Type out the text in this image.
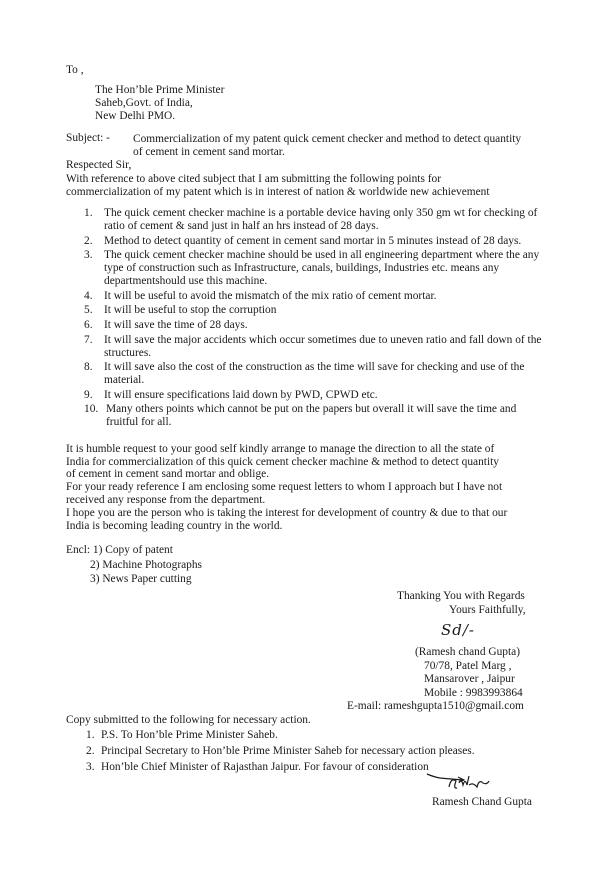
To ,
The Hon’ble Prime Minister
Saheb,Govt. of India,
New Delhi PMO.
Subject: - Commercialization of my patent quick cement checker and method to detect quantity
of cement in cement sand mortar.
Respected Sir,
With reference to above cited subject that I am submitting the following points for
commercialization of my patent which is in interest of nation & worldwide new achievement
1. The quick cement checker machine is a portable device having only 350 gm wt for checking of ratio of cement & sand just in half an hrs instead of 28 days.
2. Method to detect quantity of cement in cement sand mortar in 5 minutes instead of 28 days.
3. The quick cement checker machine should be used in all engineering department where the any type of construction such as Infrastructure, canals, buildings, Industries etc. means any departmentshould use this machine.
4. It will be useful to avoid the mismatch of the mix ratio of cement mortar.
5. It will be useful to stop the corruption
6. It will save the time of 28 days.
7. It will save the major accidents which occur sometimes due to uneven ratio and fall down of the structures.
8. It will save also the cost of the construction as the time will save for checking and use of the material.
9. It will ensure specifications laid down by PWD, CPWD etc.
10. Many others points which cannot be put on the papers but overall it will save the time and fruitful for all.
It is humble request to your good self kindly arrange to manage the direction to all the state of
India for commercialization of this quick cement checker machine & method to detect quantity
of cement in cement sand mortar and oblige.
For your ready reference I am enclosing some request letters to whom I approach but I have not
received any response from the department.
I hope you are the person who is taking the interest for development of country & due to that our
India is becoming leading country in the world.
Encl: 1) Copy of patent
2) Machine Photographs
3) News Paper cutting
Thanking You with Regards
Yours Faithfully,
Sd/-
(Ramesh chand Gupta)
70/78, Patel Marg ,
Mansarover , Jaipur
Mobile : 9983993864
E-mail: rameshgupta1510@gmail.com
Copy submitted to the following for necessary action.
1. P.S. To Hon’ble Prime Minister Saheb.
2. Principal Secretary to Hon’ble Prime Minister Saheb for necessary action pleases.
3. Hon’ble Chief Minister of Rajasthan Jaipur. For favour of consideration
Ramesh Chand Gupta
